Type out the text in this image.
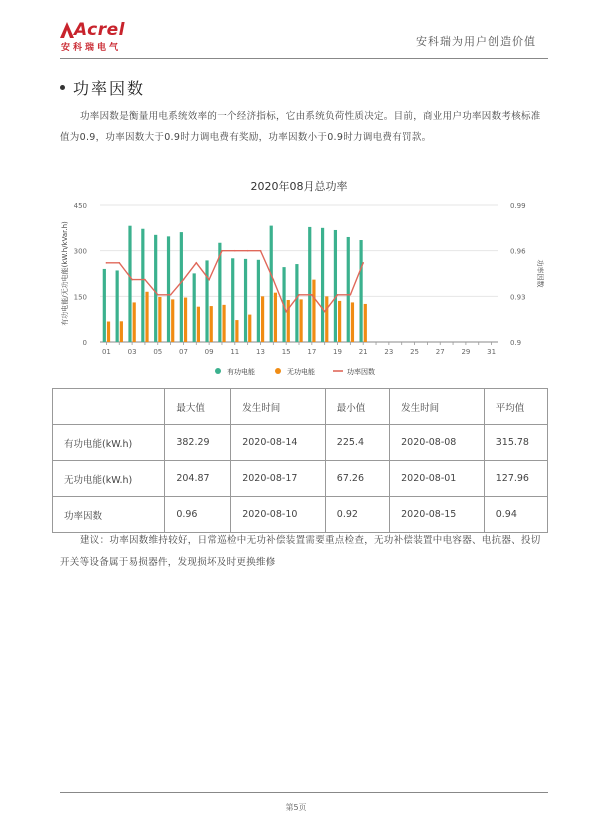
Acrel
安科瑞电气	安科瑞为用户创造价值
功率因数
功率因数是衡量用电系统效率的一个经济指标，它由系统负荷性质决定。目前，商业用户功率因数考核标准值为0.9，功率因数大于0.9时力调电费有奖励，功率因数小于0.9时力调电费有罚款。
2020年08月总功率
0
150
300
450
0.9
0.93
0.96
0.99
有功电能/无功电能(kW.h/kVar.h)	功率因数
01 03 05 07 09 11 13 15 17 19 21 23 25 27 29 31
有功电能	无功电能	功率因数
	最大值	发生时间	最小值	发生时间	平均值
有功电能(kW.h)	382.29	2020-08-14	225.4	2020-08-08	315.78
无功电能(kW.h)	204.87	2020-08-17	67.26	2020-08-01	127.96
功率因数	0.96	2020-08-10	0.92	2020-08-15	0.94
建议：功率因数维持较好，日常巡检中无功补偿装置需要重点检查，无功补偿装置中电容器、电抗器、投切开关等设备属于易损器件，发现损坏及时更换维修
第5页
